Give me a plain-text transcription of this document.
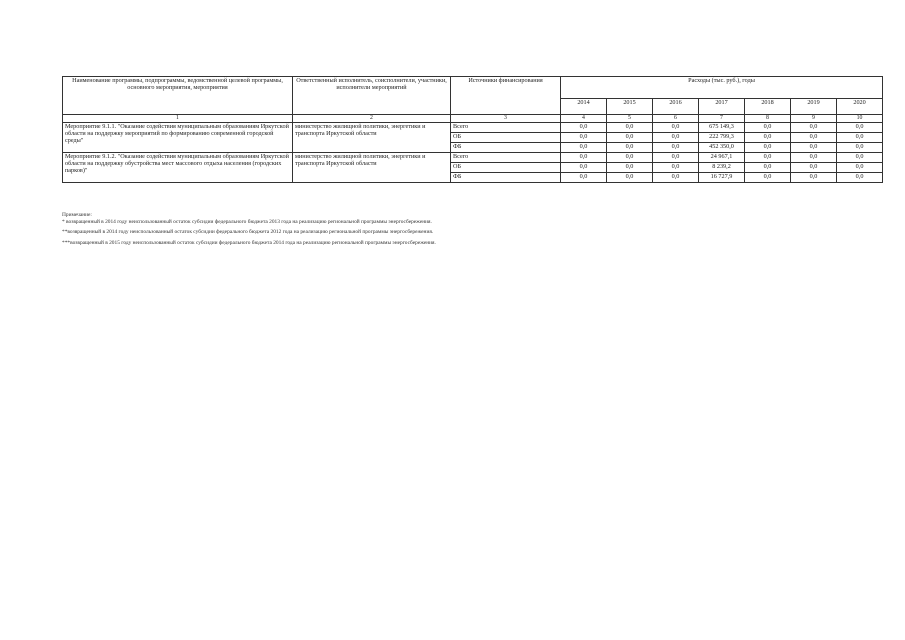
Наименование программы, подпрограммы, ведомственной целевой программы, основного мероприятия, мероприятия	Ответственный исполнитель, соисполнители, участники, исполнители мероприятий	Источники финансирования	Расходы (тыс. руб.), годы						
			2014	2015	2016	2017	2018	2019	2020
1	2	3	4	5	6	7	8	9	10
Мероприятие 9.1.1. "Оказание содействия муниципальным образованиям Иркутской области на поддержку мероприятий по формированию современной городской среды"	министерство жилищной политики, энергетики и транспорта Иркутской области	Всего	0,0	0,0	0,0	675 149,3	0,0	0,0	0,0
		ОБ	0,0	0,0	0,0	222 799,3	0,0	0,0	0,0
		ФБ	0,0	0,0	0,0	452 350,0	0,0	0,0	0,0
Мероприятие 9.1.2. "Оказание содействия муниципальным образованиям Иркутской области на поддержку обустройства мест массового отдыха населения (городских парков)"	министерство жилищной политики, энергетики и транспорта Иркутской области	Всего	0,0	0,0	0,0	24 967,1	0,0	0,0	0,0
		ОБ	0,0	0,0	0,0	8 239,2	0,0	0,0	0,0
		ФБ	0,0	0,0	0,0	16 727,9	0,0	0,0	0,0
Примечание:
* возвращенный в 2014 году неиспользованный остаток субсидии федерального бюджета 2013 года на реализацию региональной программы энергосбережения.
**возвращенный в 2014 году неиспользованный остаток субсидии федерального бюджета 2012 года на реализацию региональной программы энергосбережения.
***возвращенный в 2015 году неиспользованный остаток субсидии федерального бюджета 2014 года на реализацию региональной программы энергосбережения.
